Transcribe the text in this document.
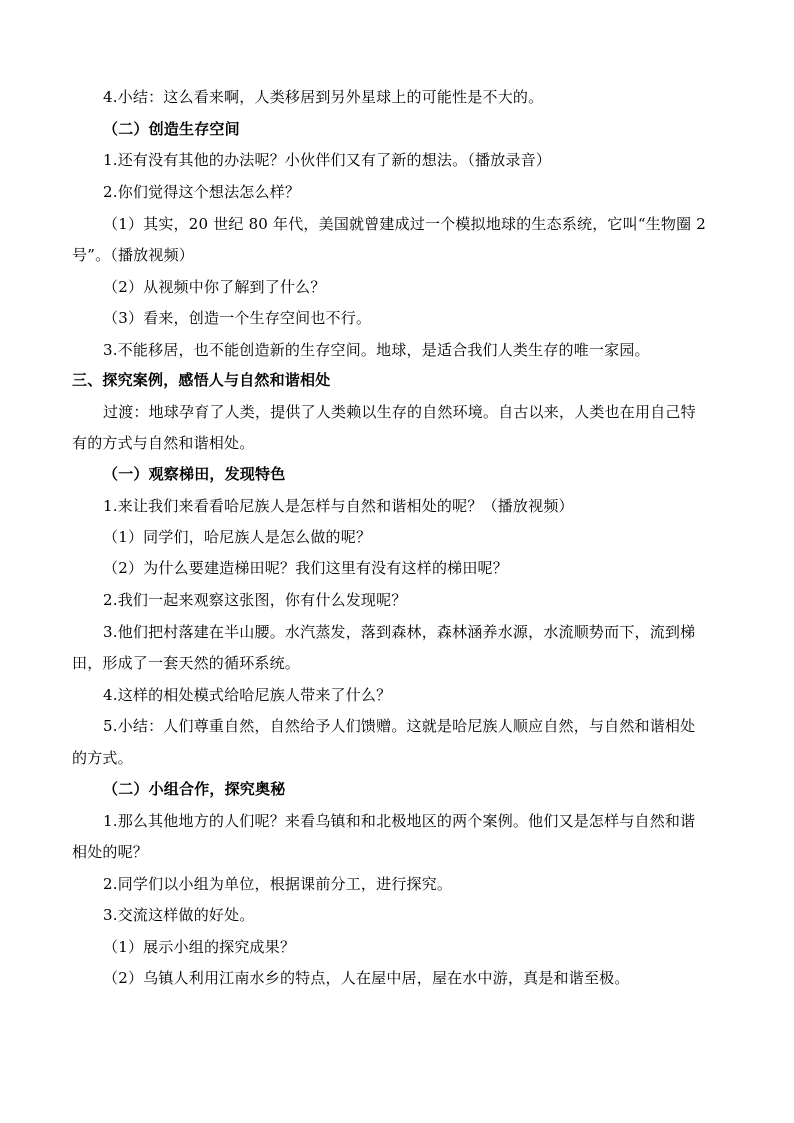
4.小结：这么看来啊，人类移居到另外星球上的可能性是不大的。
（二）创造生存空间
1.还有没有其他的办法呢？小伙伴们又有了新的想法。（播放录音）
2.你们觉得这个想法怎么样？
（1）其实，20 世纪 80 年代，美国就曾建成过一个模拟地球的生态系统，它叫“生物圈 2
号”。（播放视频）
（2）从视频中你了解到了什么？
（3）看来，创造一个生存空间也不行。
3.不能移居，也不能创造新的生存空间。地球，是适合我们人类生存的唯一家园。
三、探究案例，感悟人与自然和谐相处
过渡：地球孕育了人类，提供了人类赖以生存的自然环境。自古以来，人类也在用自己特
有的方式与自然和谐相处。
（一）观察梯田，发现特色
1.来让我们来看看哈尼族人是怎样与自然和谐相处的呢？（播放视频）
（1）同学们，哈尼族人是怎么做的呢？
（2）为什么要建造梯田呢？我们这里有没有这样的梯田呢？
2.我们一起来观察这张图，你有什么发现呢？
3.他们把村落建在半山腰。水汽蒸发，落到森林，森林涵养水源，水流顺势而下，流到梯
田，形成了一套天然的循环系统。
4.这样的相处模式给哈尼族人带来了什么？
5.小结：人们尊重自然，自然给予人们馈赠。这就是哈尼族人顺应自然，与自然和谐相处
的方式。
（二）小组合作，探究奥秘
1.那么其他地方的人们呢？来看乌镇和和北极地区的两个案例。他们又是怎样与自然和谐
相处的呢？
2.同学们以小组为单位，根据课前分工，进行探究。
3.交流这样做的好处。
（1）展示小组的探究成果？
（2）乌镇人利用江南水乡的特点，人在屋中居，屋在水中游，真是和谐至极。
